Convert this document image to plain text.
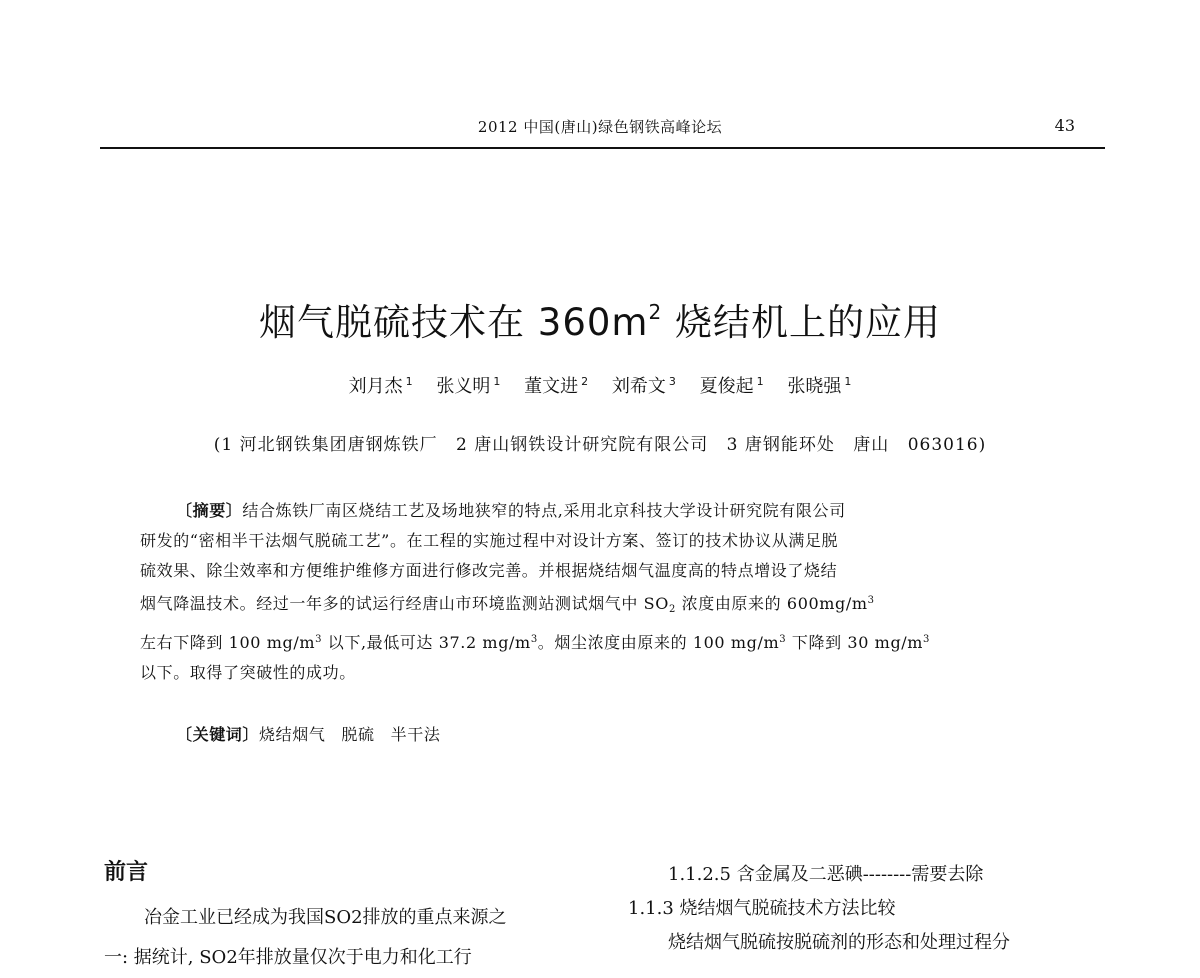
2012 中国(唐山)绿色钢铁高峰论坛	43
烟气脱硫技术在 $360m^2$ 烧结机上的应用
刘月杰 $^1$ 张义明 $^1$ 董文进 $^2$ 刘希文 $^3$ 夏俊起 $^1$ 张晓强 $^1$
(1 河北钢铁集团唐钢炼铁厂 2 唐山钢铁设计研究院有限公司 3 唐钢能环处 唐山 063016)
〔摘要〕结合炼铁厂南区烧结工艺及场地狭窄的特点,采用北京科技大学设计研究院有限公司
研发的“密相半干法烟气脱硫工艺”。在工程的实施过程中对设计方案、签订的技术协议从满足脱
硫效果、除尘效率和方便维护维修方面进行修改完善。并根据烧结烟气温度高的特点增设了烧结
烟气降温技术。经过一年多的试运行经唐山市环境监测站测试烟气中 $SO_2$ 浓度由原来的 $600mg/m^3$
左右下降到 100 $mg/m^3$ 以下,最低可达 37.2 $mg/m^3$。烟尘浓度由原来的 100 $mg/m^3$ 下降到 30 $mg/m^3$
以下。取得了突破性的成功。
〔关键词〕烧结烟气 脱硫 半干法
前言
冶金工业已经成为我国SO2排放的重点来源之
一: 据统计, SO2年排放量仅次于电力和化工行
1.1.2.5 含金属及二恶碘--------需要去除
1.1.3 烧结烟气脱硫技术方法比较
烧结烟气脱硫按脱硫剂的形态和处理过程分
